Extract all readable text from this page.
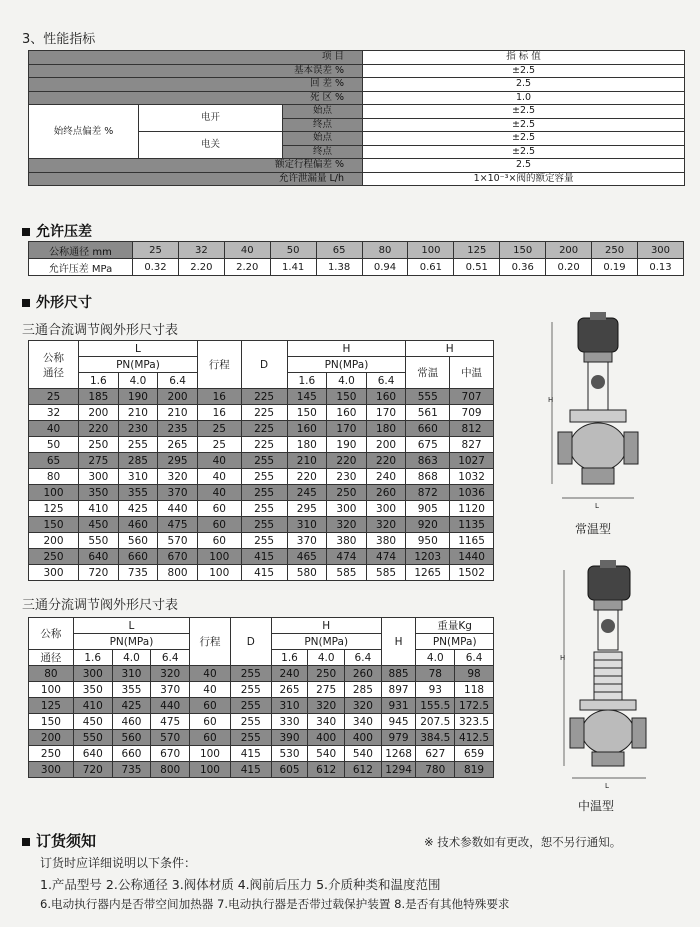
3、性能指标
项 目			指 标 值
基本误差 %			±2.5
回 差 %			2.5
死 区 %			1.0
始终点偏差 %	电开	始点	±2.5
		终点	±2.5
	电关	始点	±2.5
		终点	±2.5
额定行程偏差 %			2.5
允许泄漏量 L/h			1×10⁻³×阀的额定容量
允许压差
公称通径 mm	25	32	40	50	65	80	100	125	150	200	250	300
允许压差 MPa	0.32	2.20	2.20	1.41	1.38	0.94	0.61	0.51	0.36	0.20	0.19	0.13
外形尺寸
三通合流调节阀外形尺寸表
公称
通径	L			行程	D	H			H	
	PN(MPa)					PN(MPa)			常温	中温
	1.6	4.0	6.4			1.6	4.0	6.4		
25	185	190	200	16	225	145	150	160	555	707
32	200	210	210	16	225	150	160	170	561	709
40	220	230	235	25	225	160	170	180	660	812
50	250	255	265	25	225	180	190	200	675	827
65	275	285	295	40	255	210	220	220	863	1027
80	300	310	320	40	255	220	230	240	868	1032
100	350	355	370	40	255	245	250	260	872	1036
125	410	425	440	60	255	295	300	300	905	1120
150	450	460	475	60	255	310	320	320	920	1135
200	550	560	570	60	255	370	380	380	950	1165
250	640	660	670	100	415	465	474	474	1203	1440
300	720	735	800	100	415	580	585	585	1265	1502
三通分流调节阀外形尺寸表
公称	L			行程	D	H			H	重量Kg	
	PN(MPa)					PN(MPa)				PN(MPa)	
通径	1.6	4.0	6.4			1.6	4.0	6.4		4.0	6.4
80	300	310	320	40	255	240	250	260	885	78	98
100	350	355	370	40	255	265	275	285	897	93	118
125	410	425	440	60	255	310	320	320	931	155.5	172.5
150	450	460	475	60	255	330	340	340	945	207.5	323.5
200	550	560	570	60	255	390	400	400	979	384.5	412.5
250	640	660	670	100	415	530	540	540	1268	627	659
300	720	735	800	100	415	605	612	612	1294	780	819
H
L
常温型
H
L
中温型
订货须知	※ 技术参数如有更改，恕不另行通知。
订货时应详细说明以下条件：
1.产品型号 2.公称通径 3.阀体材质 4.阀前后压力 5.介质种类和温度范围
6.电动执行器内是否带空间加热器 7.电动执行器是否带过载保护装置 8.是否有其他特殊要求
